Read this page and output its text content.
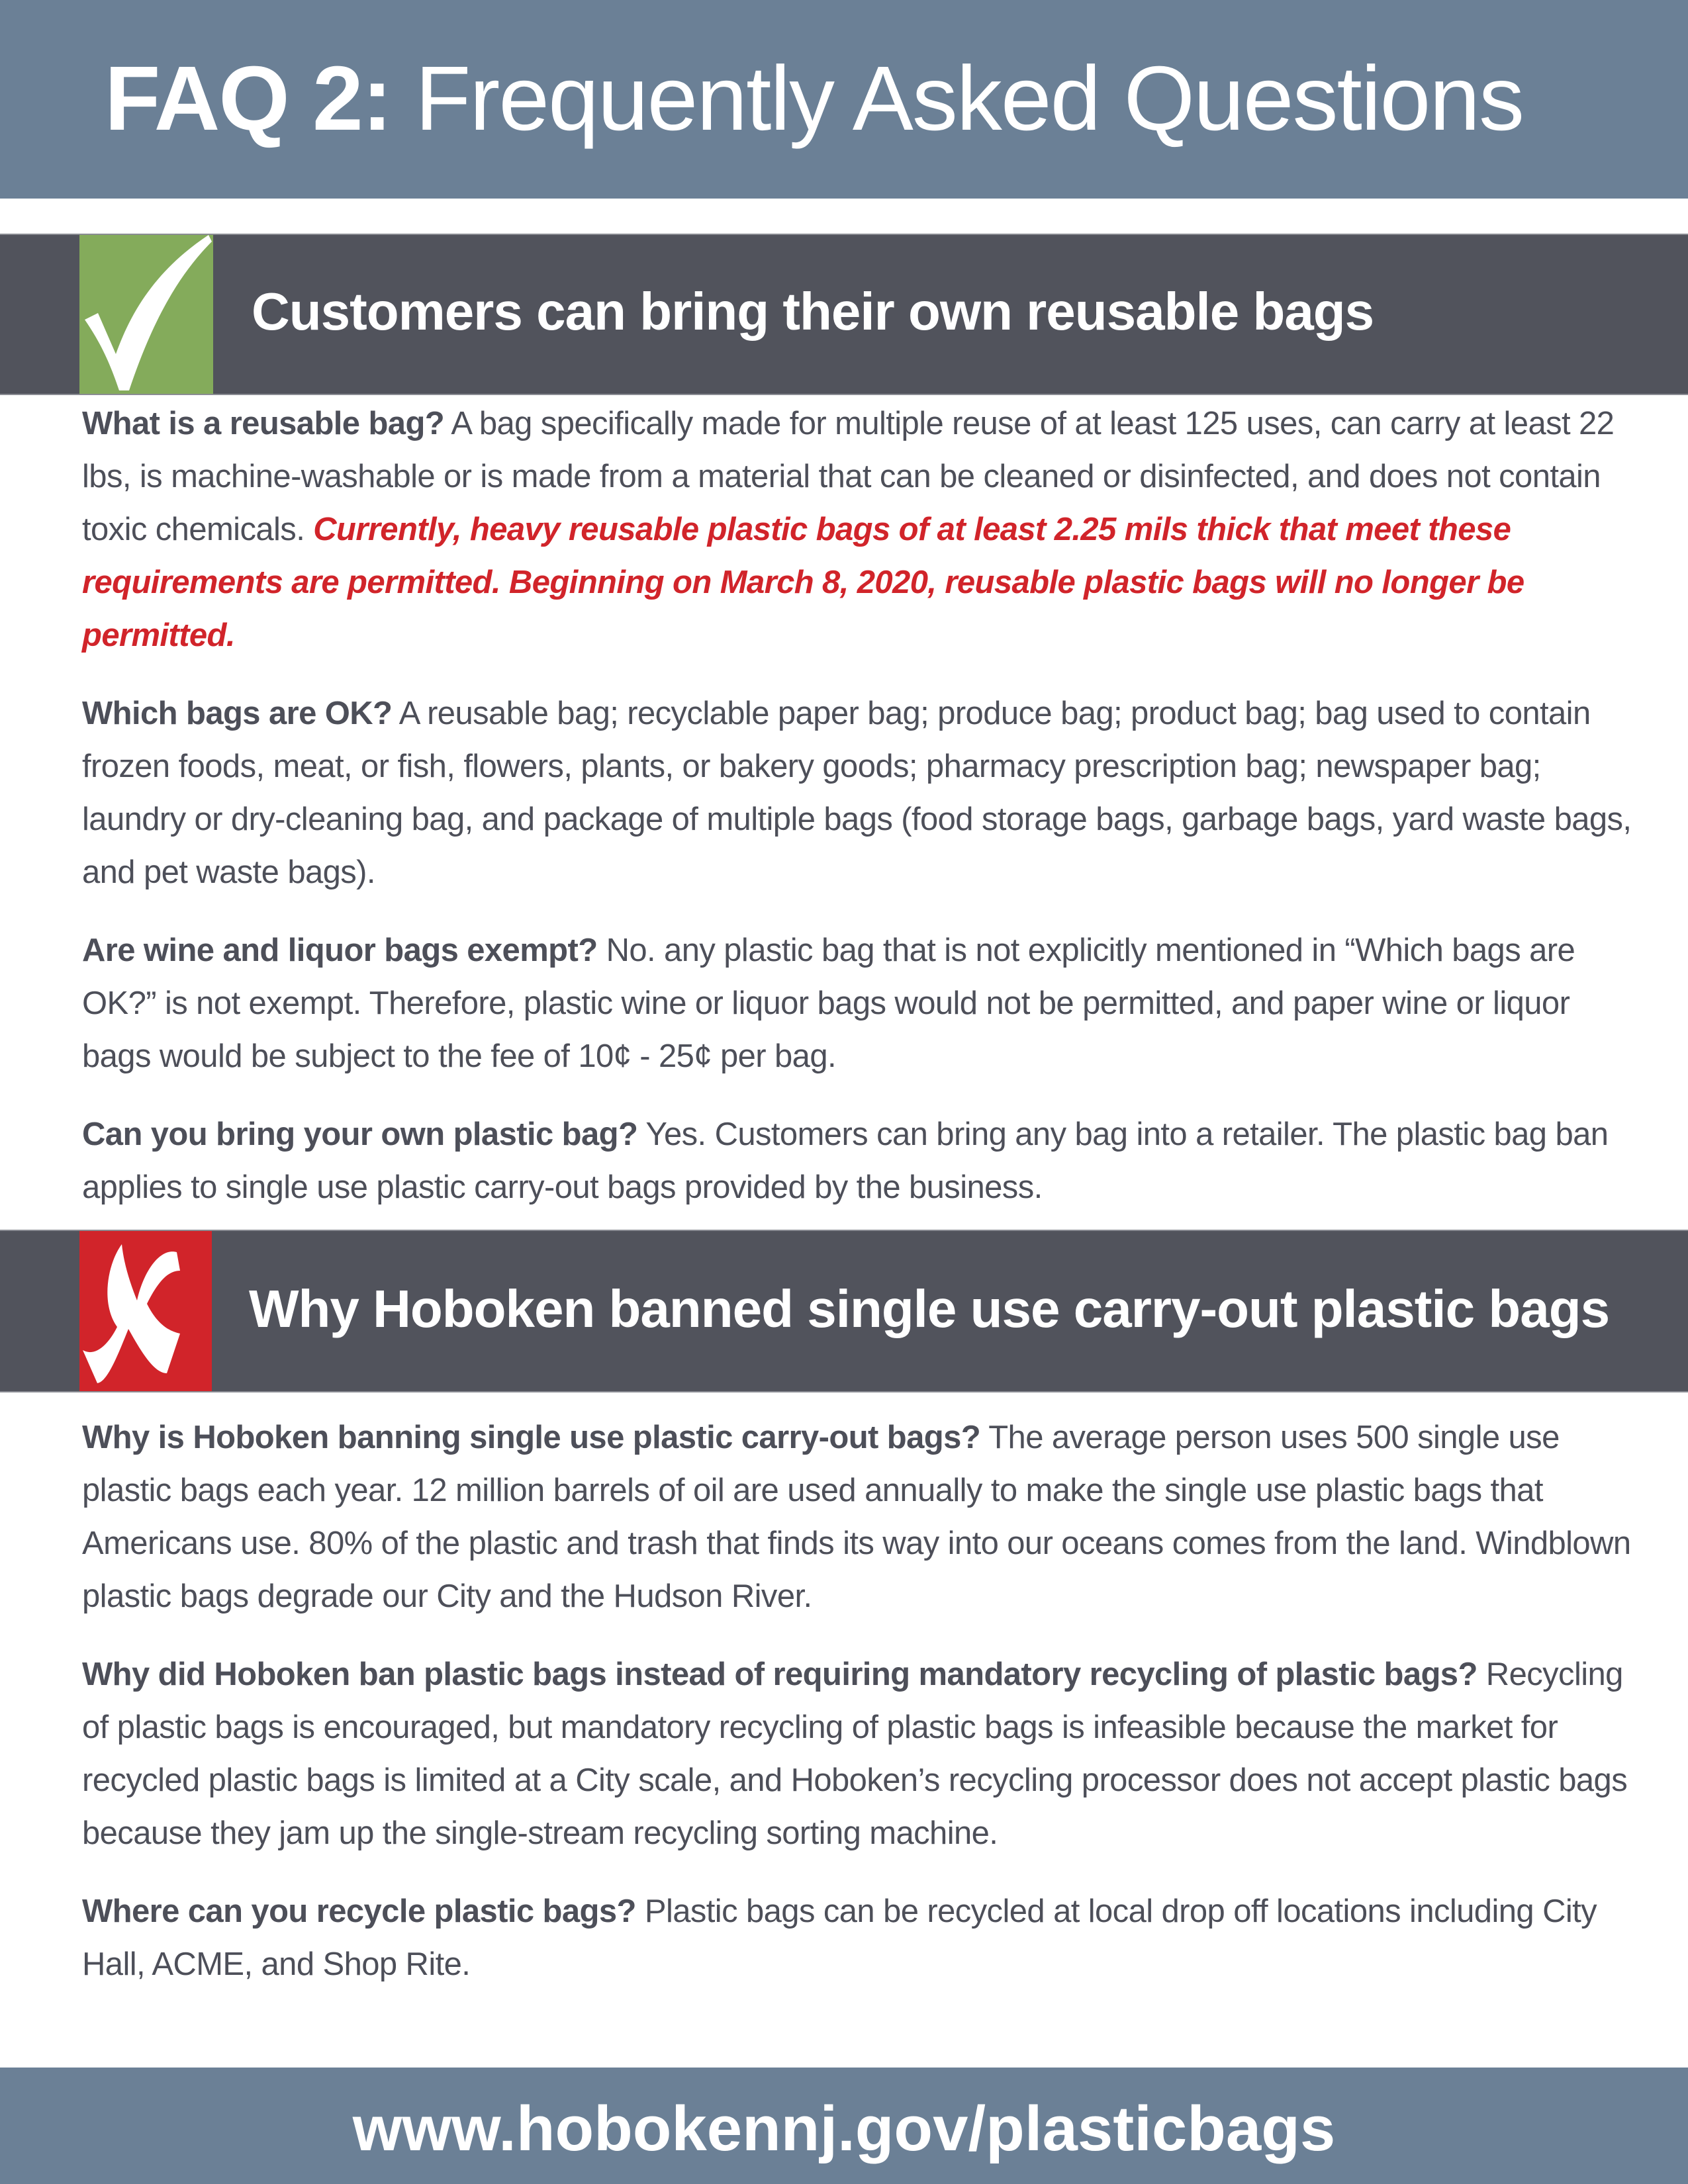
FAQ 2: Frequently Asked Questions
Customers can bring their own reusable bags

What is a reusable bag? A bag specifically made for multiple reuse of at least 125 uses, can carry at least 22 lbs, is machine-washable or is made from a material that can be cleaned or disinfected, and does not contain toxic chemicals. Currently, heavy reusable plastic bags of at least 2.25 mils thick that meet these requirements are permitted. Beginning on March 8, 2020, reusable plastic bags will no longer be permitted.

Which bags are OK? A reusable bag; recyclable paper bag; produce bag; product bag; bag used to contain frozen foods, meat, or fish, flowers, plants, or bakery goods; pharmacy prescription bag; newspaper bag; laundry or dry-cleaning bag, and package of multiple bags (food storage bags, garbage bags, yard waste bags, and pet waste bags).

Are wine and liquor bags exempt? No. any plastic bag that is not explicitly mentioned in “Which bags are OK?” is not exempt. Therefore, plastic wine or liquor bags would not be permitted, and paper wine or liquor bags would be subject to the fee of 10¢ - 25¢ per bag.

Can you bring your own plastic bag? Yes. Customers can bring any bag into a retailer. The plastic bag ban applies to single use plastic carry-out bags provided by the business.

Why Hoboken banned single use carry-out plastic bags

Why is Hoboken banning single use plastic carry-out bags? The average person uses 500 single use plastic bags each year. 12 million barrels of oil are used annually to make the single use plastic bags that Americans use. 80% of the plastic and trash that finds its way into our oceans comes from the land. Windblown plastic bags degrade our City and the Hudson River.

Why did Hoboken ban plastic bags instead of requiring mandatory recycling of plastic bags? Recycling of plastic bags is encouraged, but mandatory recycling of plastic bags is infeasible because the market for recycled plastic bags is limited at a City scale, and Hoboken’s recycling processor does not accept plastic bags because they jam up the single-stream recycling sorting machine.

Where can you recycle plastic bags? Plastic bags can be recycled at local drop off locations including City Hall, ACME, and Shop Rite.

www.hobokennj.gov/plasticbags
